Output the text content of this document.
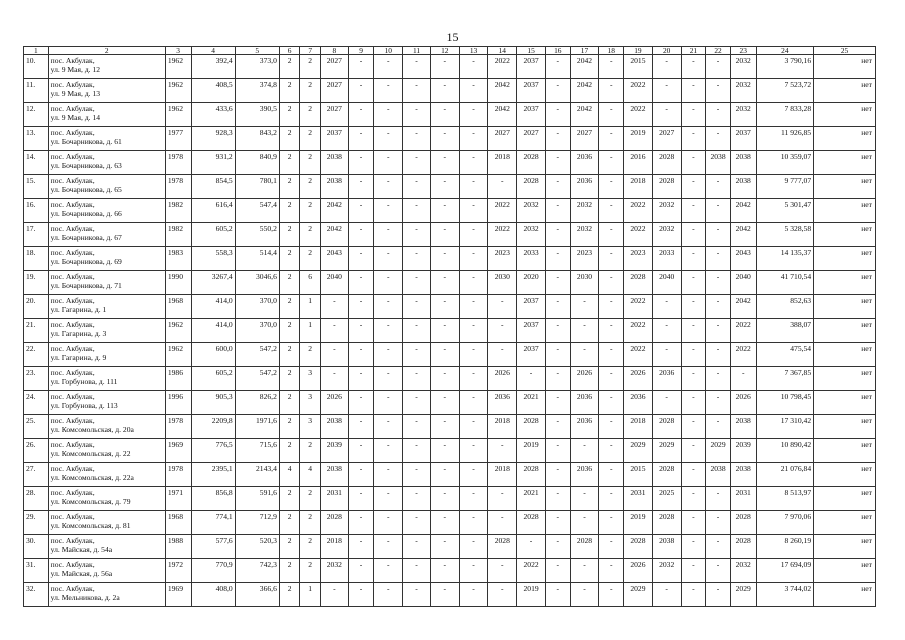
15
1	2	3	4	5	6	7	8	9	10	11	12	13	14	15	16	17	18	19	20	21	22	23	24	25
10.	пос. Акбулак,
ул. 9 Мая, д. 12	1962	392,4	373,0	2	2	2027	-	-	-	-	-	2022	2037	-	2042	-	2015	-	-	-	2032	3 790,16	нет
11.	пос. Акбулак,
ул. 9 Мая, д. 13	1962	408,5	374,8	2	2	2027	-	-	-	-	-	2042	2037	-	2042	-	2022	-	-	-	2032	7 523,72	нет
12.	пос. Акбулак,
ул. 9 Мая, д. 14	1962	433,6	390,5	2	2	2027	-	-	-	-	-	2042	2037	-	2042	-	2022	-	-	-	2032	7 833,28	нет
13.	пос. Акбулак,
ул. Бочарникова, д. 61	1977	928,3	843,2	2	2	2037	-	-	-	-	-	2027	2027	-	2027	-	2019	2027	-	-	2037	11 926,85	нет
14.	пос. Акбулак,
ул. Бочарникова, д. 63	1978	931,2	840,9	2	2	2038	-	-	-	-	-	2018	2028	-	2036	-	2016	2028	-	2038	2038	10 359,07	нет
15.	пос. Акбулак,
ул. Бочарникова, д. 65	1978	854,5	780,1	2	2	2038	-	-	-	-	-	-	2028	-	2036	-	2018	2028	-	-	2038	9 777,07	нет
16.	пос. Акбулак,
ул. Бочарникова, д. 66	1982	616,4	547,4	2	2	2042	-	-	-	-	-	2022	2032	-	2032	-	2022	2032	-	-	2042	5 301,47	нет
17.	пос. Акбулак,
ул. Бочарникова, д. 67	1982	605,2	550,2	2	2	2042	-	-	-	-	-	2022	2032	-	2032	-	2022	2032	-	-	2042	5 328,58	нет
18.	пос. Акбулак,
ул. Бочарникова, д. 69	1983	558,3	514,4	2	2	2043	-	-	-	-	-	2023	2033	-	2023	-	2023	2033	-	-	2043	14 135,37	нет
19.	пос. Акбулак,
ул. Бочарникова, д. 71	1990	3267,4	3046,6	2	6	2040	-	-	-	-	-	2030	2020	-	2030	-	2028	2040	-	-	2040	41 710,54	нет
20.	пос. Акбулак,
ул. Гагарина, д. 1	1968	414,0	370,0	2	1	-	-	-	-	-	-	-	2037	-	-	-	2022	-	-	-	2042	852,63	нет
21.	пос. Акбулак,
ул. Гагарина, д. 3	1962	414,0	370,0	2	1	-	-	-	-	-	-	-	2037	-	-	-	2022	-	-	-	2022	388,07	нет
22.	пос. Акбулак,
ул. Гагарина, д. 9	1962	600,0	547,2	2	2	-	-	-	-	-	-	-	2037	-	-	-	2022	-	-	-	2022	475,54	нет
23.	пос. Акбулак,
ул. Горбунова, д. 111	1986	605,2	547,2	2	3	-	-	-	-	-	-	2026	-	-	2026	-	2026	2036	-	-	-	7 367,85	нет
24.	пос. Акбулак,
ул. Горбунова, д. 113	1996	905,3	826,2	2	3	2026	-	-	-	-	-	2036	2021	-	2036	-	2036	-	-	-	2026	10 798,45	нет
25.	пос. Акбулак,
ул. Комсомольская, д. 20а	1978	2209,8	1971,6	2	3	2038	-	-	-	-	-	2018	2028	-	2036	-	2018	2028	-	-	2038	17 310,42	нет
26.	пос. Акбулак,
ул. Комсомольская, д. 22	1969	776,5	715,6	2	2	2039	-	-	-	-	-	-	2019	-	-	-	2029	2029	-	2029	2039	10 890,42	нет
27.	пос. Акбулак,
ул. Комсомольская, д. 22а	1978	2395,1	2143,4	4	4	2038	-	-	-	-	-	2018	2028	-	2036	-	2015	2028	-	2038	2038	21 076,84	нет
28.	пос. Акбулак,
ул. Комсомольская, д. 79	1971	856,8	591,6	2	2	2031	-	-	-	-	-	-	2021	-	-	-	2031	2025	-	-	2031	8 513,97	нет
29.	пос. Акбулак,
ул. Комсомольская, д. 81	1968	774,1	712,9	2	2	2028	-	-	-	-	-	-	2028	-	-	-	2019	2028	-	-	2028	7 970,06	нет
30.	пос. Акбулак,
ул. Майская, д. 54а	1988	577,6	520,3	2	2	2018	-	-	-	-	-	2028	-	-	2028	-	2028	2038	-	-	2028	8 260,19	нет
31.	пос. Акбулак,
ул. Майская, д. 56а	1972	770,9	742,3	2	2	2032	-	-	-	-	-	-	2022	-	-	-	2026	2032	-	-	2032	17 694,09	нет
32.	пос. Акбулак,
ул. Мельникова, д. 2а	1969	408,0	366,6	2	1	-	-	-	-	-	-	-	2019	-	-	-	2029	-	-	-	2029	3 744,02	нет
